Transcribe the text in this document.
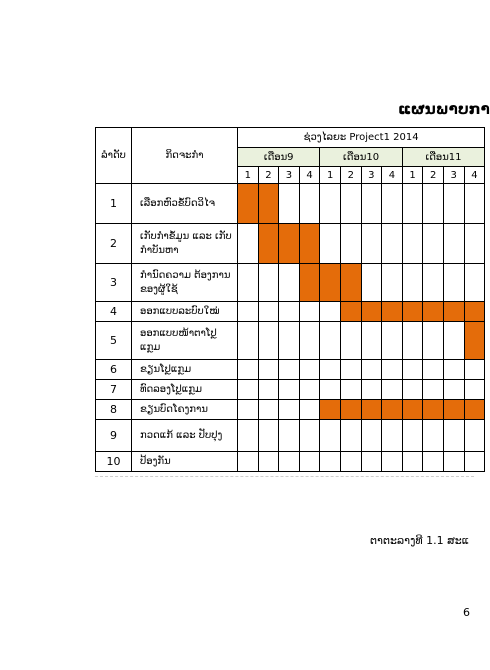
ແຜນພາບກາ
ລຳດັບ	ກິດຈະກຳ	ຊ່ວງໄລຍະ Project1 2014											
		ເດືອນ9				ເດືອນ10				ເດືອນ11			
		1	2	3	4	1	2	3	4	1	2	3	4
1	ເລືອກຫົວຂໍ້ບົດວິໄຈ												
2	ເກັບກຳຂໍ້ມູນ ແລະ ເກັບກຳບັນຫາ												
3	ກຳນົດຄວາມ ຕ້ອງການຂອງຜູ້ໃຊ້												
4	ອອກແບບລະບົບໃໝ່												
5	ອອກແບບໜ້າຕາໂປຼ ແກຼມ												
6	ຂຽນໂປຼແກຼມ												
7	ທົດລອງໂປຼແກຼມ												
8	ຂຽນບົດໂຄງການ												
9	ກວດແກ້ ແລະ ປັບປຸງ												
10	ປ້ອງກັນ												
ຕາຕະລາງທີ 1.1 ສະແ
6
